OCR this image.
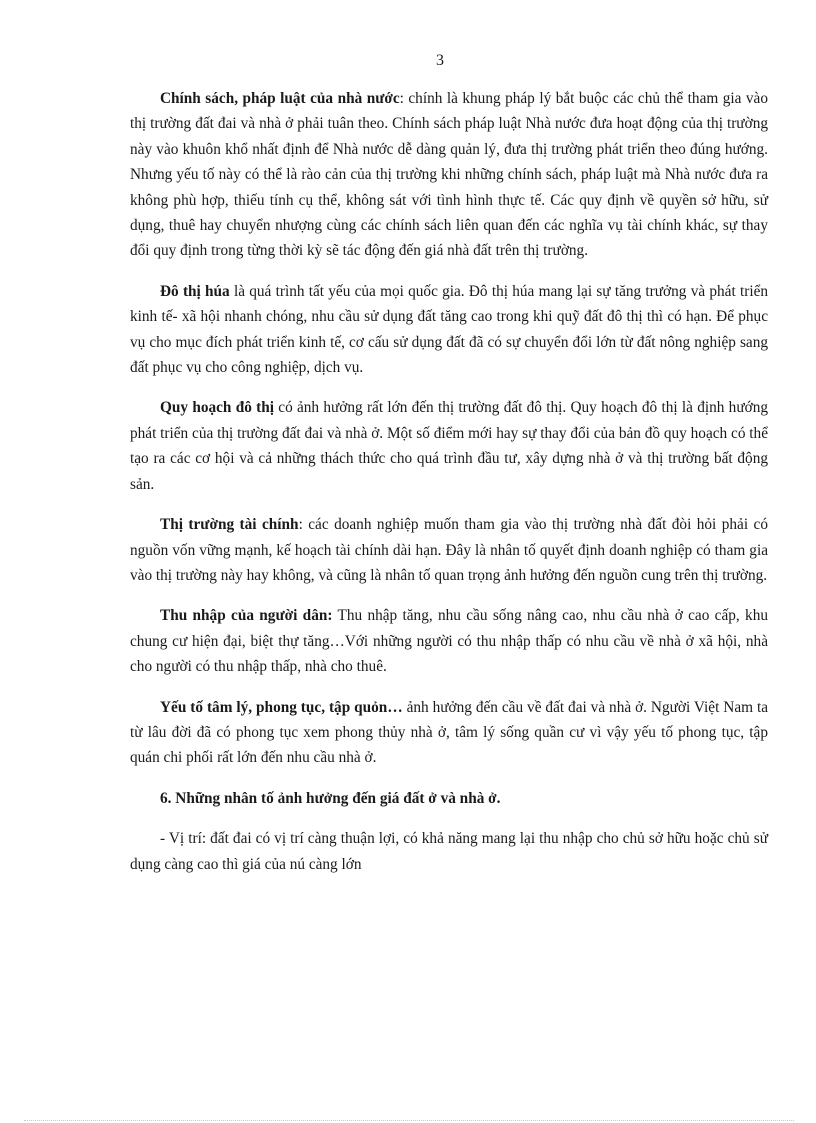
3

Chính sách, pháp luật của nhà nước: chính là khung pháp lý bắt buộc các chủ thể tham gia vào thị trường đất đai và nhà ở phải tuân theo. Chính sách pháp luật Nhà nước đưa hoạt động của thị trường này vào khuôn khổ nhất định để Nhà nước dễ dàng quản lý, đưa thị trường phát triển theo đúng hướng. Nhưng yếu tố này có thể là rào cản của thị trường khi những chính sách, pháp luật mà Nhà nước đưa ra không phù hợp, thiếu tính cụ thể, không sát với tình hình thực tế. Các quy định về quyền sở hữu, sử dụng, thuê hay chuyển nhượng cùng các chính sách liên quan đến các nghĩa vụ tài chính khác, sự thay đổi quy định trong từng thời kỳ sẽ tác động đến giá nhà đất trên thị trường.

Đô thị húa là quá trình tất yếu của mọi quốc gia. Đô thị húa mang lại sự tăng trưởng và phát triển kinh tế- xã hội nhanh chóng, nhu cầu sử dụng đất tăng cao trong khi quỹ đất đô thị thì có hạn. Để phục vụ cho mục đích phát triển kinh tế, cơ cấu sử dụng đất đã có sự chuyển đổi lớn từ đất nông nghiệp sang đất phục vụ cho công nghiệp, dịch vụ.

Quy hoạch đô thị có ảnh hưởng rất lớn đến thị trường đất đô thị. Quy hoạch đô thị là định hướng phát triển của thị trường đất đai và nhà ở. Một số điểm mới hay sự thay đổi của bản đồ quy hoạch có thể tạo ra các cơ hội và cả những thách thức cho quá trình đầu tư, xây dựng nhà ở và thị trường bất động sản.

Thị trường tài chính: các doanh nghiệp muốn tham gia vào thị trường nhà đất đòi hỏi phải có nguồn vốn vững mạnh, kế hoạch tài chính dài hạn. Đây là nhân tố quyết định doanh nghiệp có tham gia vào thị trường này hay không, và cũng là nhân tố quan trọng ảnh hưởng đến nguồn cung trên thị trường.

Thu nhập của người dân: Thu nhập tăng, nhu cầu sống nâng cao, nhu cầu nhà ở cao cấp, khu chung cư hiện đại, biệt thự tăng…Với những người có thu nhập thấp có nhu cầu về nhà ở xã hội, nhà cho người có thu nhập thấp, nhà cho thuê.

Yếu tố tâm lý, phong tục, tập quỏn… ảnh hưởng đến cầu về đất đai và nhà ở. Người Việt Nam ta từ lâu đời đã có phong tục xem phong thủy nhà ở, tâm lý sống quần cư vì vậy yếu tố phong tục, tập quán chi phối rất lớn đến nhu cầu nhà ở.

6. Những nhân tố ảnh hưởng đến giá đất ở và nhà ở.

- Vị trí: đất đai có vị trí càng thuận lợi, có khả năng mang lại thu nhập cho chủ sở hữu hoặc chủ sử dụng càng cao thì giá của nú càng lớn
